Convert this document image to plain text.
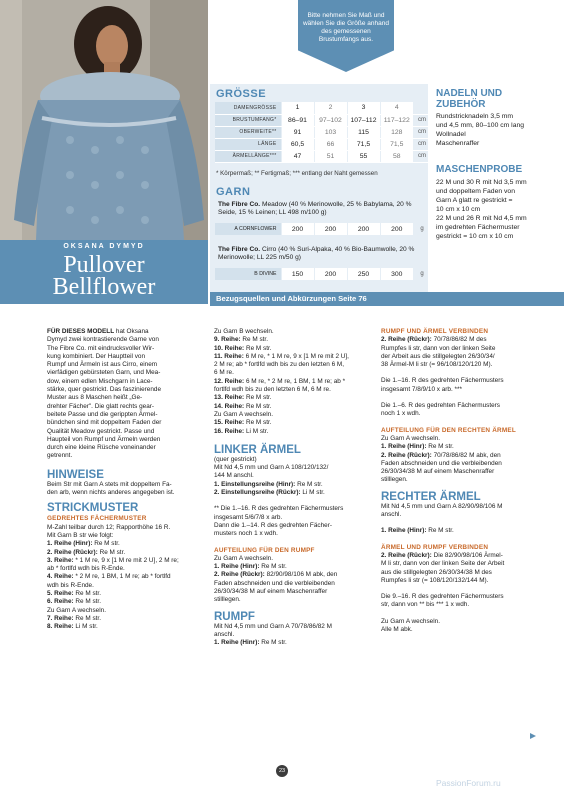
OKSANA DYMYD
Pullover
Bellflower
Bitte nehmen Sie Maß und wählen Sie die Größe anhand des gemessenen Brustumfangs aus.
GRÖSSE
DAMENGRÖSSE	1	2	3	4	
BRUSTUMFANG*	86–91	97–102	107–112	117–122	cm
OBERWEITE**	91	103	115	128	cm
LÄNGE	60,5	66	71,5	71,5	cm
ÄRMELLÄNGE***	47	51	55	58	cm
* Körpermaß; ** Fertigmaß; *** entlang der Naht gemessen
GARN
The Fibre Co. Meadow (40 % Merinowolle, 25 % Babylama, 20 % Seide, 15 % Leinen; LL 498 m/100 g)
A CORNFLOWER	200	200	200	200	g
The Fibre Co. Cirro (40 % Suri-Alpaka, 40 % Bio-Baumwolle, 20 % Merinowolle; LL 225 m/50 g)
B DIVINE	150	200	250	300	g
NADELN UND
ZUBEHÖR
Rundstricknadeln 3,5 mm
und 4,5 mm, 80–100 cm lang
Wollnadel
Maschenraffer
MASCHENPROBE
22 M und 30 R mit Nd 3,5 mm
und doppeltem Faden von
Garn A glatt re gestrickt =
10 cm x 10 cm
22 M und 26 R mit Nd 4,5 mm
im gedrehten Fächermuster
gestrickt = 10 cm x 10 cm
Bezugsquellen und Abkürzungen Seite 76
FÜR DIESES MODELL hat Oksana
Dymyd zwei kontrastierende Garne von
The Fibre Co. mit eindrucksvoller Wir-
kung kombiniert. Der Hauptteil von
Rumpf und Ärmeln ist aus Cirro, einem
vierfädigen gebürsteten Garn, und Mea-
dow, einem edlen Mischgarn in Lace-
stärke, quer gestrickt. Das faszinierende
Muster aus 8 Maschen heißt „Ge-
drehter Fächer". Die glatt rechts gear-
beitete Passe und die gerippten Ärmel-
bündchen sind mit doppeltem Faden der
Qualität Meadow gestrickt. Passe und
Haupteil von Rumpf und Ärmeln werden
durch eine kleine Rüsche voneinander
getrennt.
HINWEISE
Beim Str mit Garn A stets mit doppeltem Fa-
den arb, wenn nichts anderes angegeben ist.
STRICKMUSTER
GEDREHTES FÄCHERMUSTER
M-Zahl teilbar durch 12; Rapporthöhe 16 R.
Mit Garn B str wie folgt:
1. Reihe (Hinr): Re M str.
2. Reihe (Rückr): Re M str.
3. Reihe: * 1 M re, 9 x [1 M re mit 2 U], 2 M re;
ab * fortlfd wdh bis R-Ende.
4. Reihe: * 2 M re, 1 BM, 1 M re; ab * fortlfd
wdh bis R-Ende.
5. Reihe: Re M str.
6. Reihe: Re M str.
Zu Garn A wechseln.
7. Reihe: Re M str.
8. Reihe: Li M str.
Zu Garn B wechseln.
9. Reihe: Re M str.
10. Reihe: Re M str.
11. Reihe: 6 M re, * 1 M re, 9 x [1 M re mit 2 U],
2 M re; ab * fortlfd wdh bis zu den letzten 6 M,
6 M re.
12. Reihe: 6 M re, * 2 M re, 1 BM, 1 M re; ab *
fortlfd wdh bis zu den letzten 6 M, 6 M re.
13. Reihe: Re M str.
14. Reihe: Re M str.
Zu Garn A wechseln.
15. Reihe: Re M str.
16. Reihe: Li M str.
LINKER ÄRMEL
(quer gestrickt)
Mit Nd 4,5 mm und Garn A 108/120/132/
144 M anschl.
1. Einstellungsreihe (Hinr): Re M str.
2. Einstellungsreihe (Rückr): Li M str.
** Die 1.–16. R des gedrehten Fächermusters
insgesamt 5/6/7/8 x arb.
Dann die 1.–14. R des gedrehten Fächer-
musters noch 1 x wdh.
AUFTEILUNG FÜR DEN RUMPF
Zu Garn A wechseln.
1. Reihe (Hinr): Re M str.
2. Reihe (Rückr): 82/90/98/106 M abk, den
Faden abschneiden und die verbleibenden
26/30/34/38 M auf einem Maschenraffer
stilllegen.
RUMPF
Mit Nd 4,5 mm und Garn A 70/78/86/82 M
anschl.
1. Reihe (Hinr): Re M str.
RUMPF UND ÄRMEL VERBINDEN
2. Reihe (Rückr): 70/78/86/82 M des
Rumpfes li str, dann von der linken Seite
der Arbeit aus die stillgelegten 26/30/34/
38 Ärmel-M li str (= 96/108/120/120 M).
Die 1.–16. R des gedrehten Fächermusters
insgesamt 7/8/9/10 x arb. ***
Die 1.–6. R des gedrehten Fächermusters
noch 1 x wdh.
AUFTEILUNG FÜR DEN RECHTEN ÄRMEL
Zu Garn A wechseln.
1. Reihe (Hinr): Re M str.
2. Reihe (Rückr): 70/78/86/82 M abk, den
Faden abschneiden und die verbleibenden
26/30/34/38 M auf einem Maschenraffer
stilllegen.
RECHTER ÄRMEL
Mit Nd 4,5 mm und Garn A 82/90/98/106 M
anschl.
1. Reihe (Hinr): Re M str.
ÄRMEL UND RUMPF VERBINDEN
2. Reihe (Rückr): Die 82/90/98/106 Ärmel-
M li str, dann von der linken Seite der Arbeit
aus die stillgelegten 26/30/34/38 M des
Rumpfes li str (= 108/120/132/144 M).
Die 9.–16. R des gedrehten Fächermusters
str, dann von ** bis *** 1 x wdh.
Zu Garn A wechseln.
Alle M abk.
23
PassionForum.ru
